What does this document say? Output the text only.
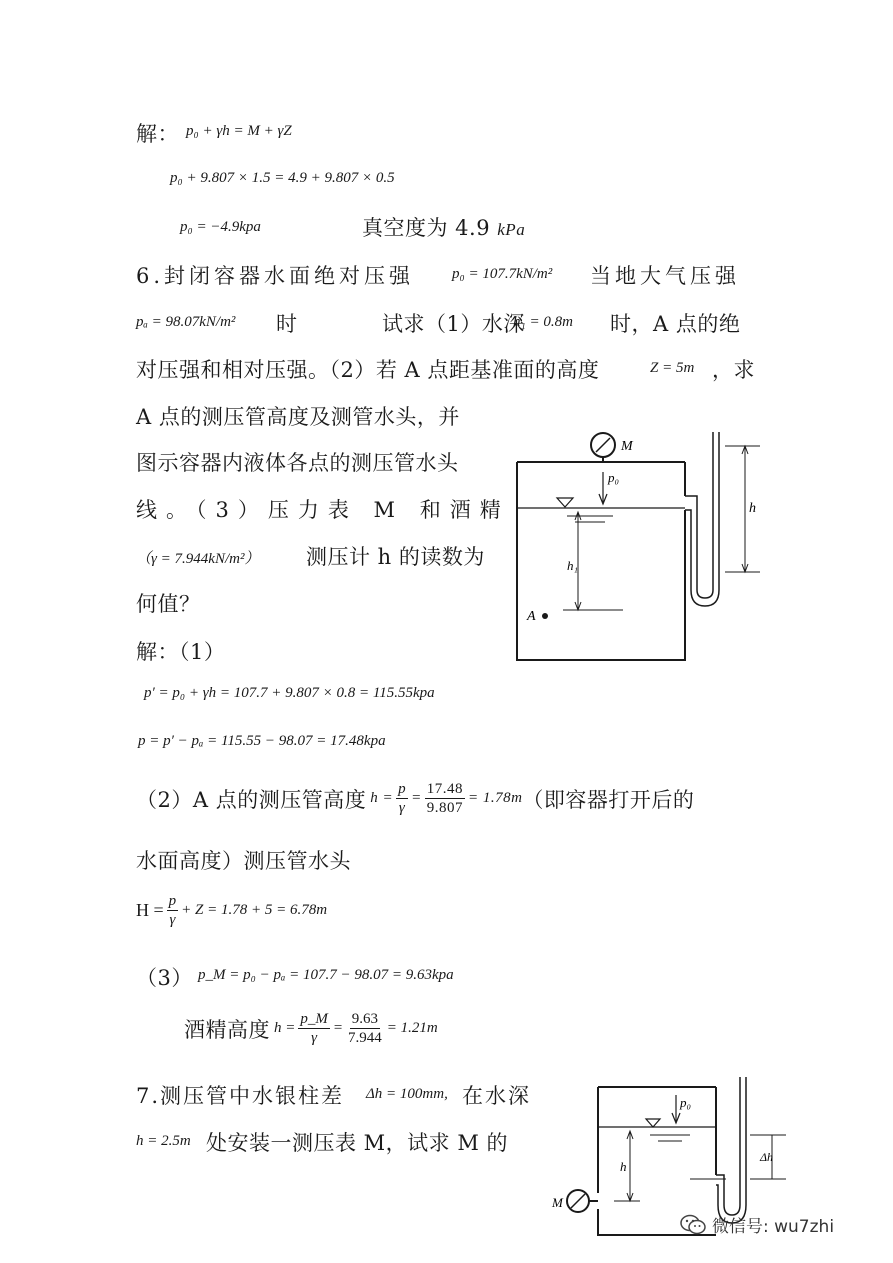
解： p₀ + γh = M + γZ
p₀ + 9.807 × 1.5 = 4.9 + 9.807 × 0.5
p₀ = −4.9kpa	真空度为 4.9 kPa
6.封闭容器水面绝对压强	p₀ = 107.7kN/m² 当地大气压强
pₐ = 98.07kN/m² 时	试求（1）水深
h₁ = 0.8m 时，A 点的绝
对压强和相对压强。（2）若 A 点距基准面的高度	Z = 5m ，求
A 点的测压管高度及测管水头，并
图示容器内液体各点的测压管水头
线。（3）压力表 M 和酒精
（γ = 7.944kN/m²） 测压计 h 的读数为
何值？
M
p₀
h₁
h
A
解：（1）
p′ = p₀ + γh = 107.7 + 9.807 × 0.8 = 115.55kpa
p = p′ − pₐ = 115.55 − 98.07 = 17.48kpa
（2）A 点的测压管高度 $h = \frac{p}{\gamma} = \frac{17.48}{9.807} = 1.78m$ （即容器打开后的
水面高度）测压管水头
$H = \frac{p}{\gamma} + Z = 1.78 + 5 = 6.78m$
（3） p_M = p₀ − pₐ = 107.7 − 98.07 = 9.63kpa
酒精高度 $h = \frac{p\_M}{\gamma} = \frac{9.63}{7.944} = 1.21m$
7.测压管中水银柱差 Δh = 100mm, 在水深
h = 2.5m 处安装一测压表 M，试求 M 的
p₀
h
Δh
M
微信号: wu7zhi
